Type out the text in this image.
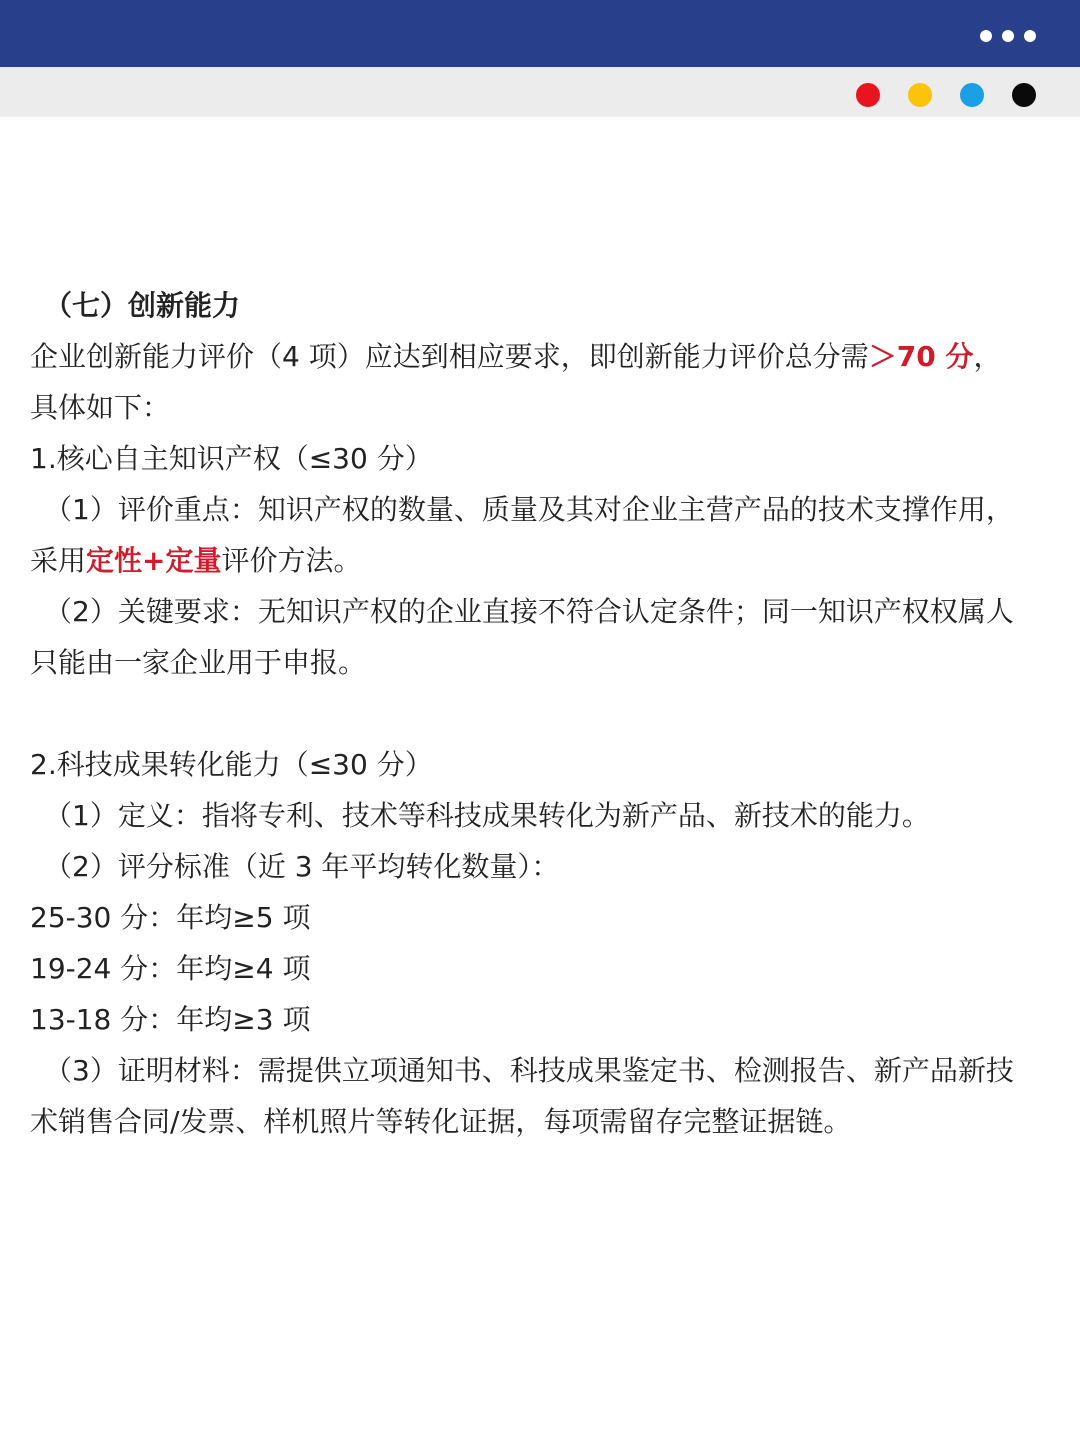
（七）创新能力
企业创新能力评价（4 项）应达到相应要求，即创新能力评价总分需＞70 分，
具体如下：
1.核心自主知识产权（≤30 分）
（1）评价重点：知识产权的数量、质量及其对企业主营产品的技术支撑作用，
采用定性+定量评价方法。
（2）关键要求：无知识产权的企业直接不符合认定条件；同一知识产权权属人
只能由一家企业用于申报。
2.科技成果转化能力（≤30 分）
（1）定义：指将专利、技术等科技成果转化为新产品、新技术的能力。
（2）评分标准（近 3 年平均转化数量）：
25-30 分：年均≥5 项
19-24 分：年均≥4 项
13-18 分：年均≥3 项
（3）证明材料：需提供立项通知书、科技成果鉴定书、检测报告、新产品新技
术销售合同/发票、样机照片等转化证据，每项需留存完整证据链。
